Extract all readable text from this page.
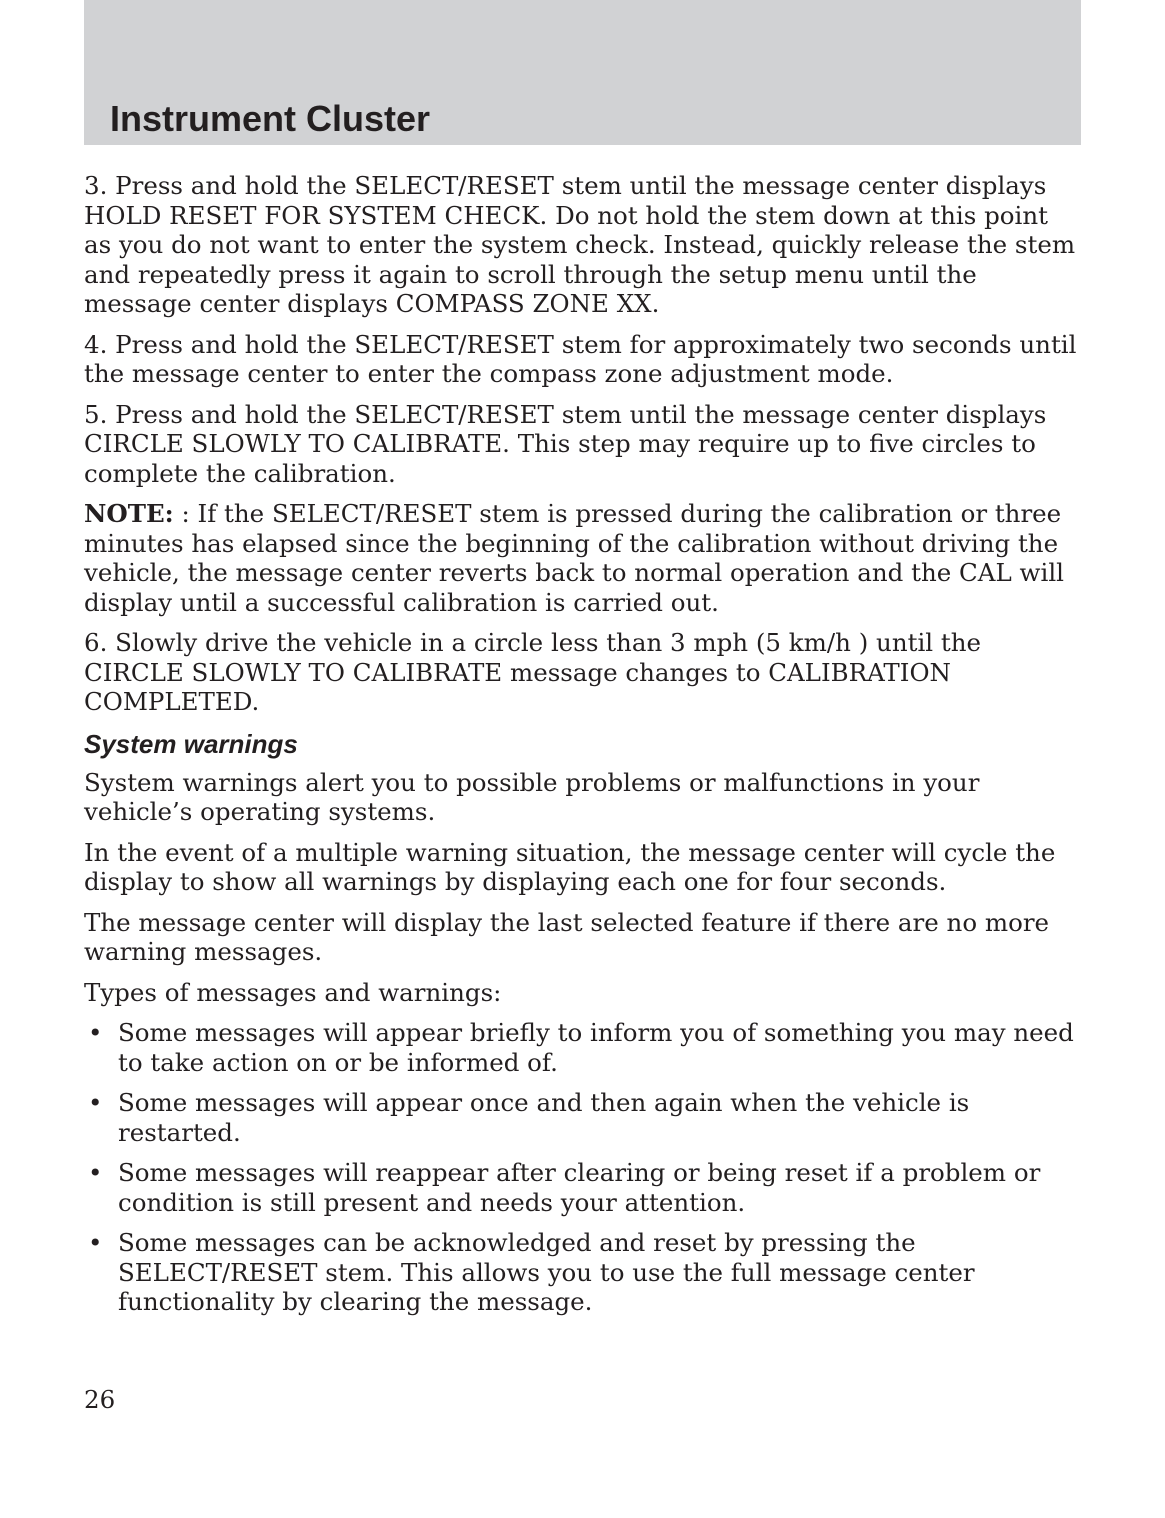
Instrument Cluster

3. Press and hold the SELECT/RESET stem until the message center displays HOLD RESET FOR SYSTEM CHECK. Do not hold the stem down at this point as you do not want to enter the system check. Instead, quickly release the stem and repeatedly press it again to scroll through the setup menu until the message center displays COMPASS ZONE XX.

4. Press and hold the SELECT/RESET stem for approximately two seconds until the message center to enter the compass zone adjustment mode.

5. Press and hold the SELECT/RESET stem until the message center displays CIRCLE SLOWLY TO CALIBRATE. This step may require up to five circles to complete the calibration.

NOTE: : If the SELECT/RESET stem is pressed during the calibration or three minutes has elapsed since the beginning of the calibration without driving the vehicle, the message center reverts back to normal operation and the CAL will display until a successful calibration is carried out.

6. Slowly drive the vehicle in a circle less than 3 mph (5 km/h ) until the CIRCLE SLOWLY TO CALIBRATE message changes to CALIBRATION COMPLETED.

System warnings

System warnings alert you to possible problems or malfunctions in your vehicle’s operating systems.

In the event of a multiple warning situation, the message center will cycle the display to show all warnings by displaying each one for four seconds.

The message center will display the last selected feature if there are no more warning messages.

Types of messages and warnings:

• Some messages will appear briefly to inform you of something you may need to take action on or be informed of.
• Some messages will appear once and then again when the vehicle is restarted.
• Some messages will reappear after clearing or being reset if a problem or condition is still present and needs your attention.
• Some messages can be acknowledged and reset by pressing the SELECT/RESET stem. This allows you to use the full message center functionality by clearing the message.
26
